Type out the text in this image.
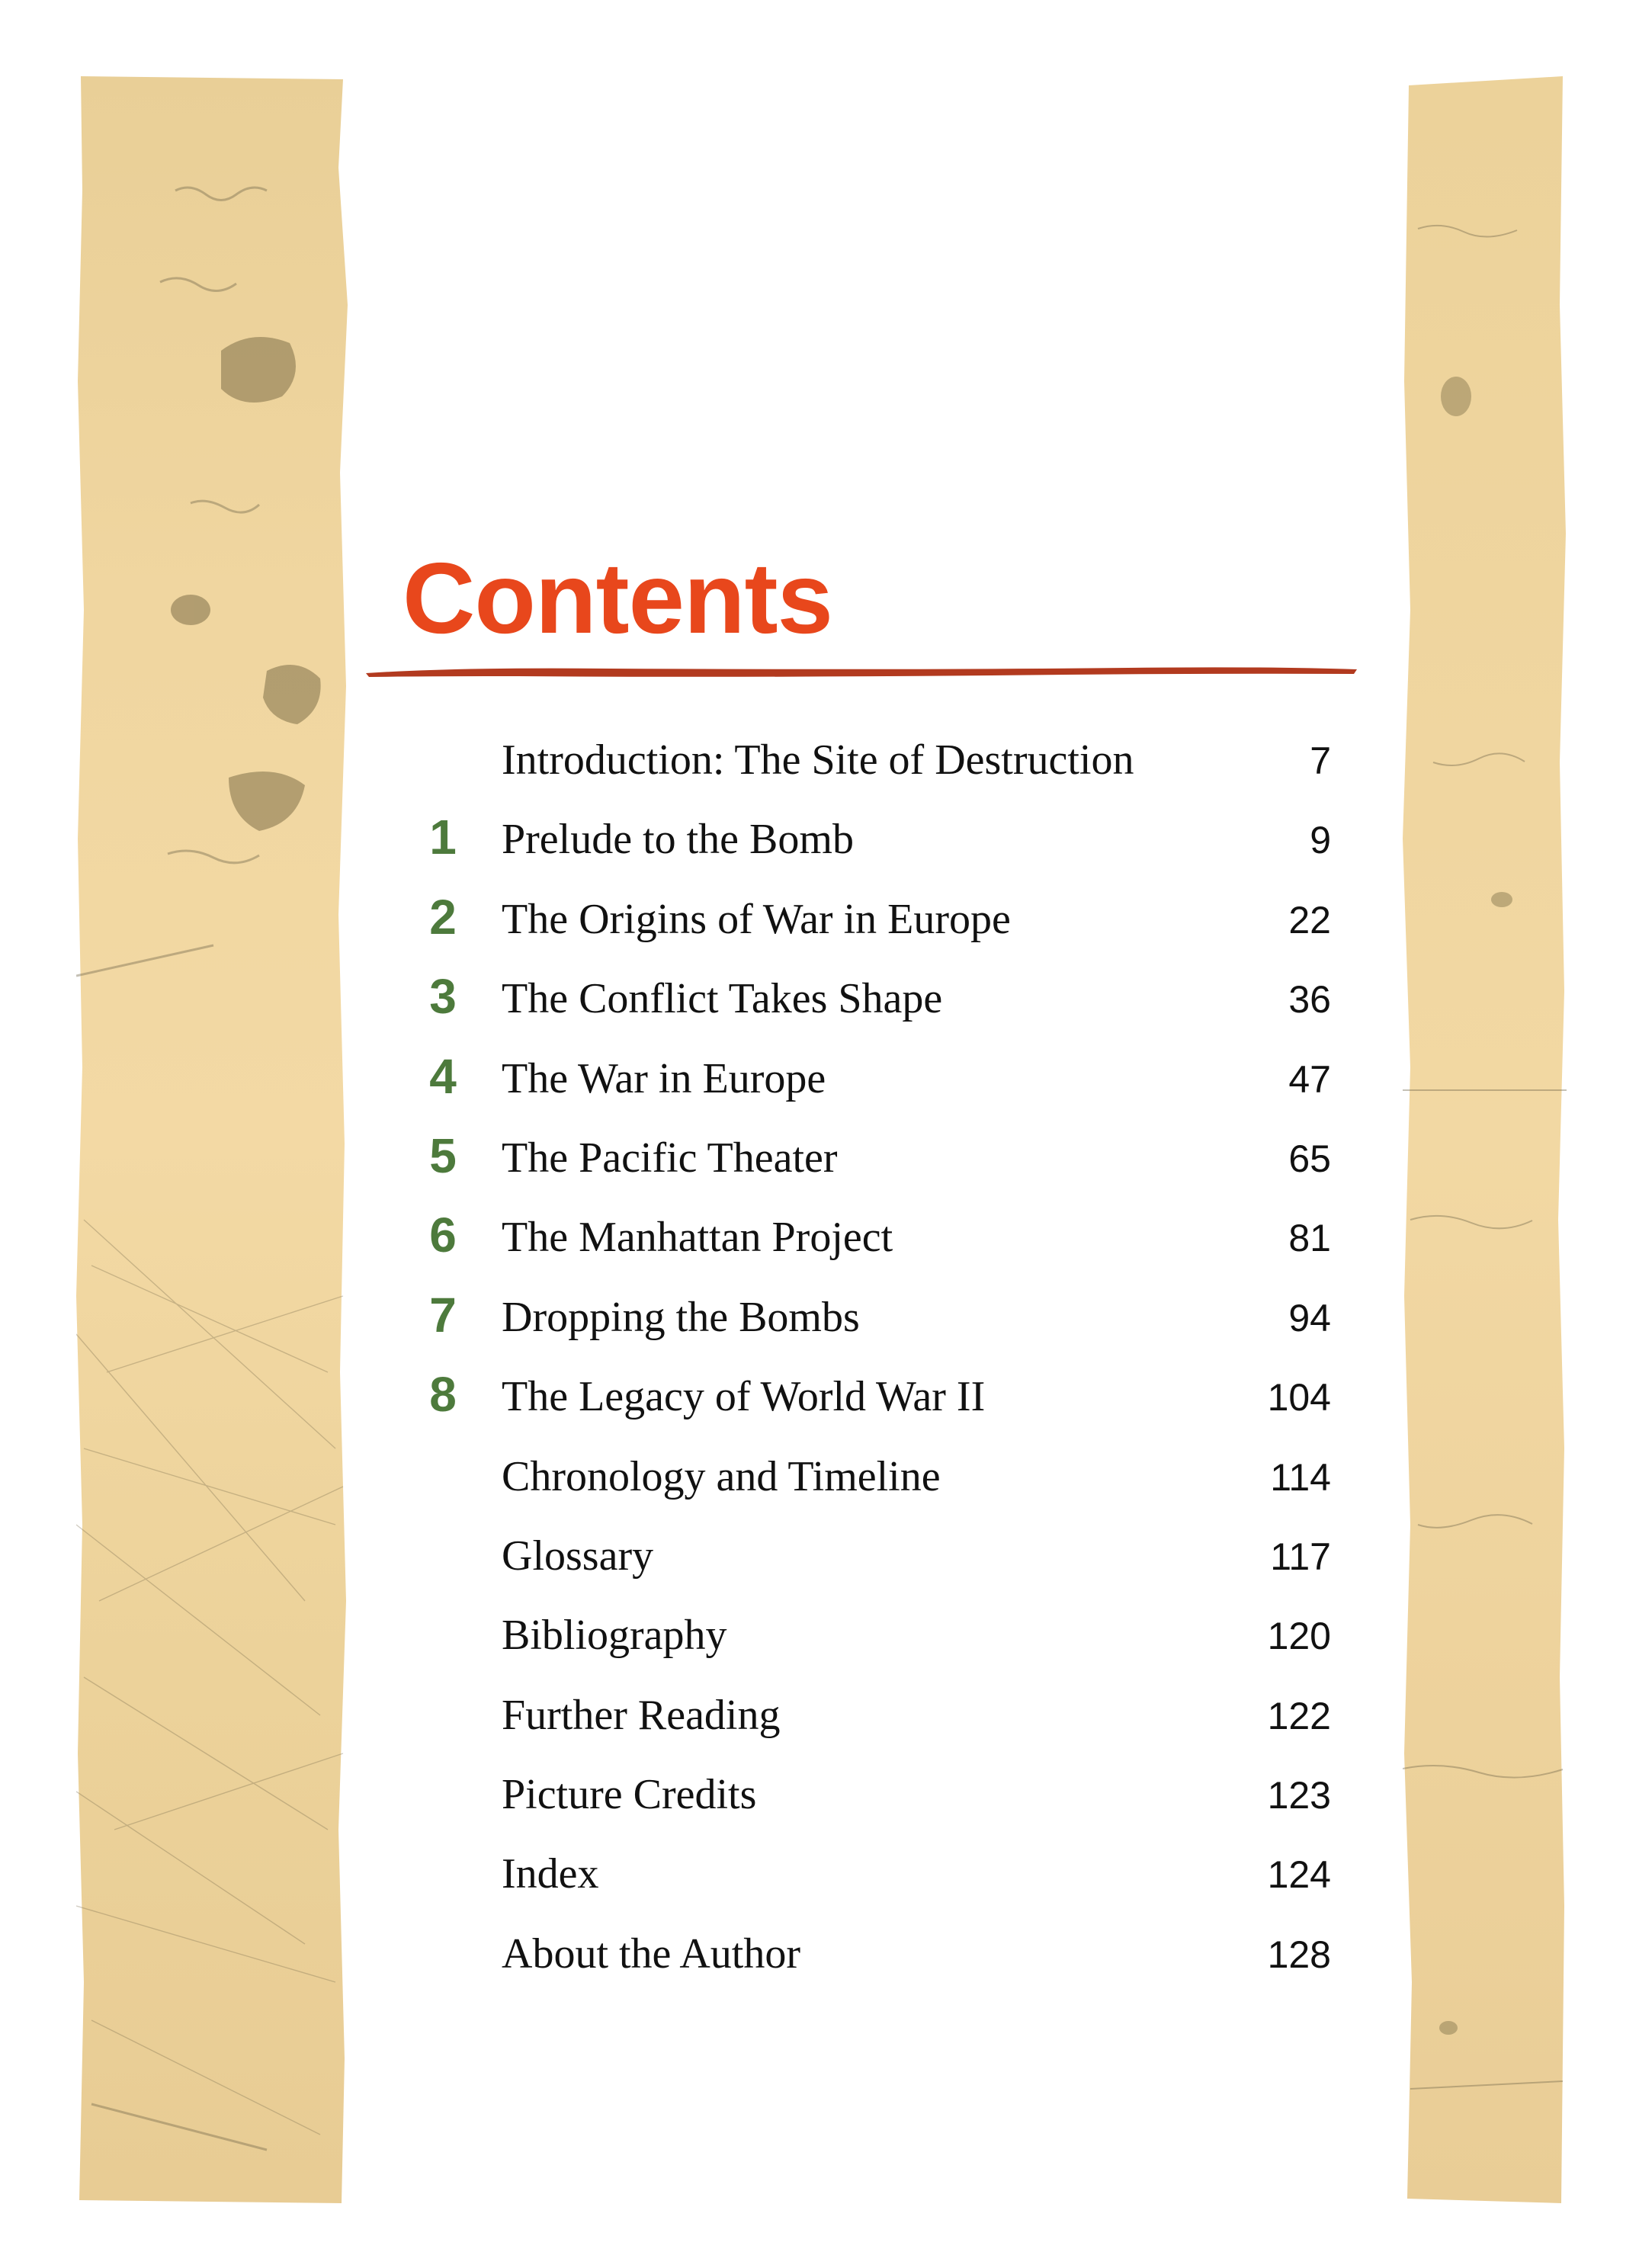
Contents
Introduction: The Site of Destruction	7
1	Prelude to the Bomb	9
2	The Origins of War in Europe	22
3	The Conflict Takes Shape	36
4	The War in Europe	47
5	The Pacific Theater	65
6	The Manhattan Project	81
7	Dropping the Bombs	94
8	The Legacy of World War II	104
Chronology and Timeline	114
Glossary	117
Bibliography	120
Further Reading	122
Picture Credits	123
Index	124
About the Author	128
